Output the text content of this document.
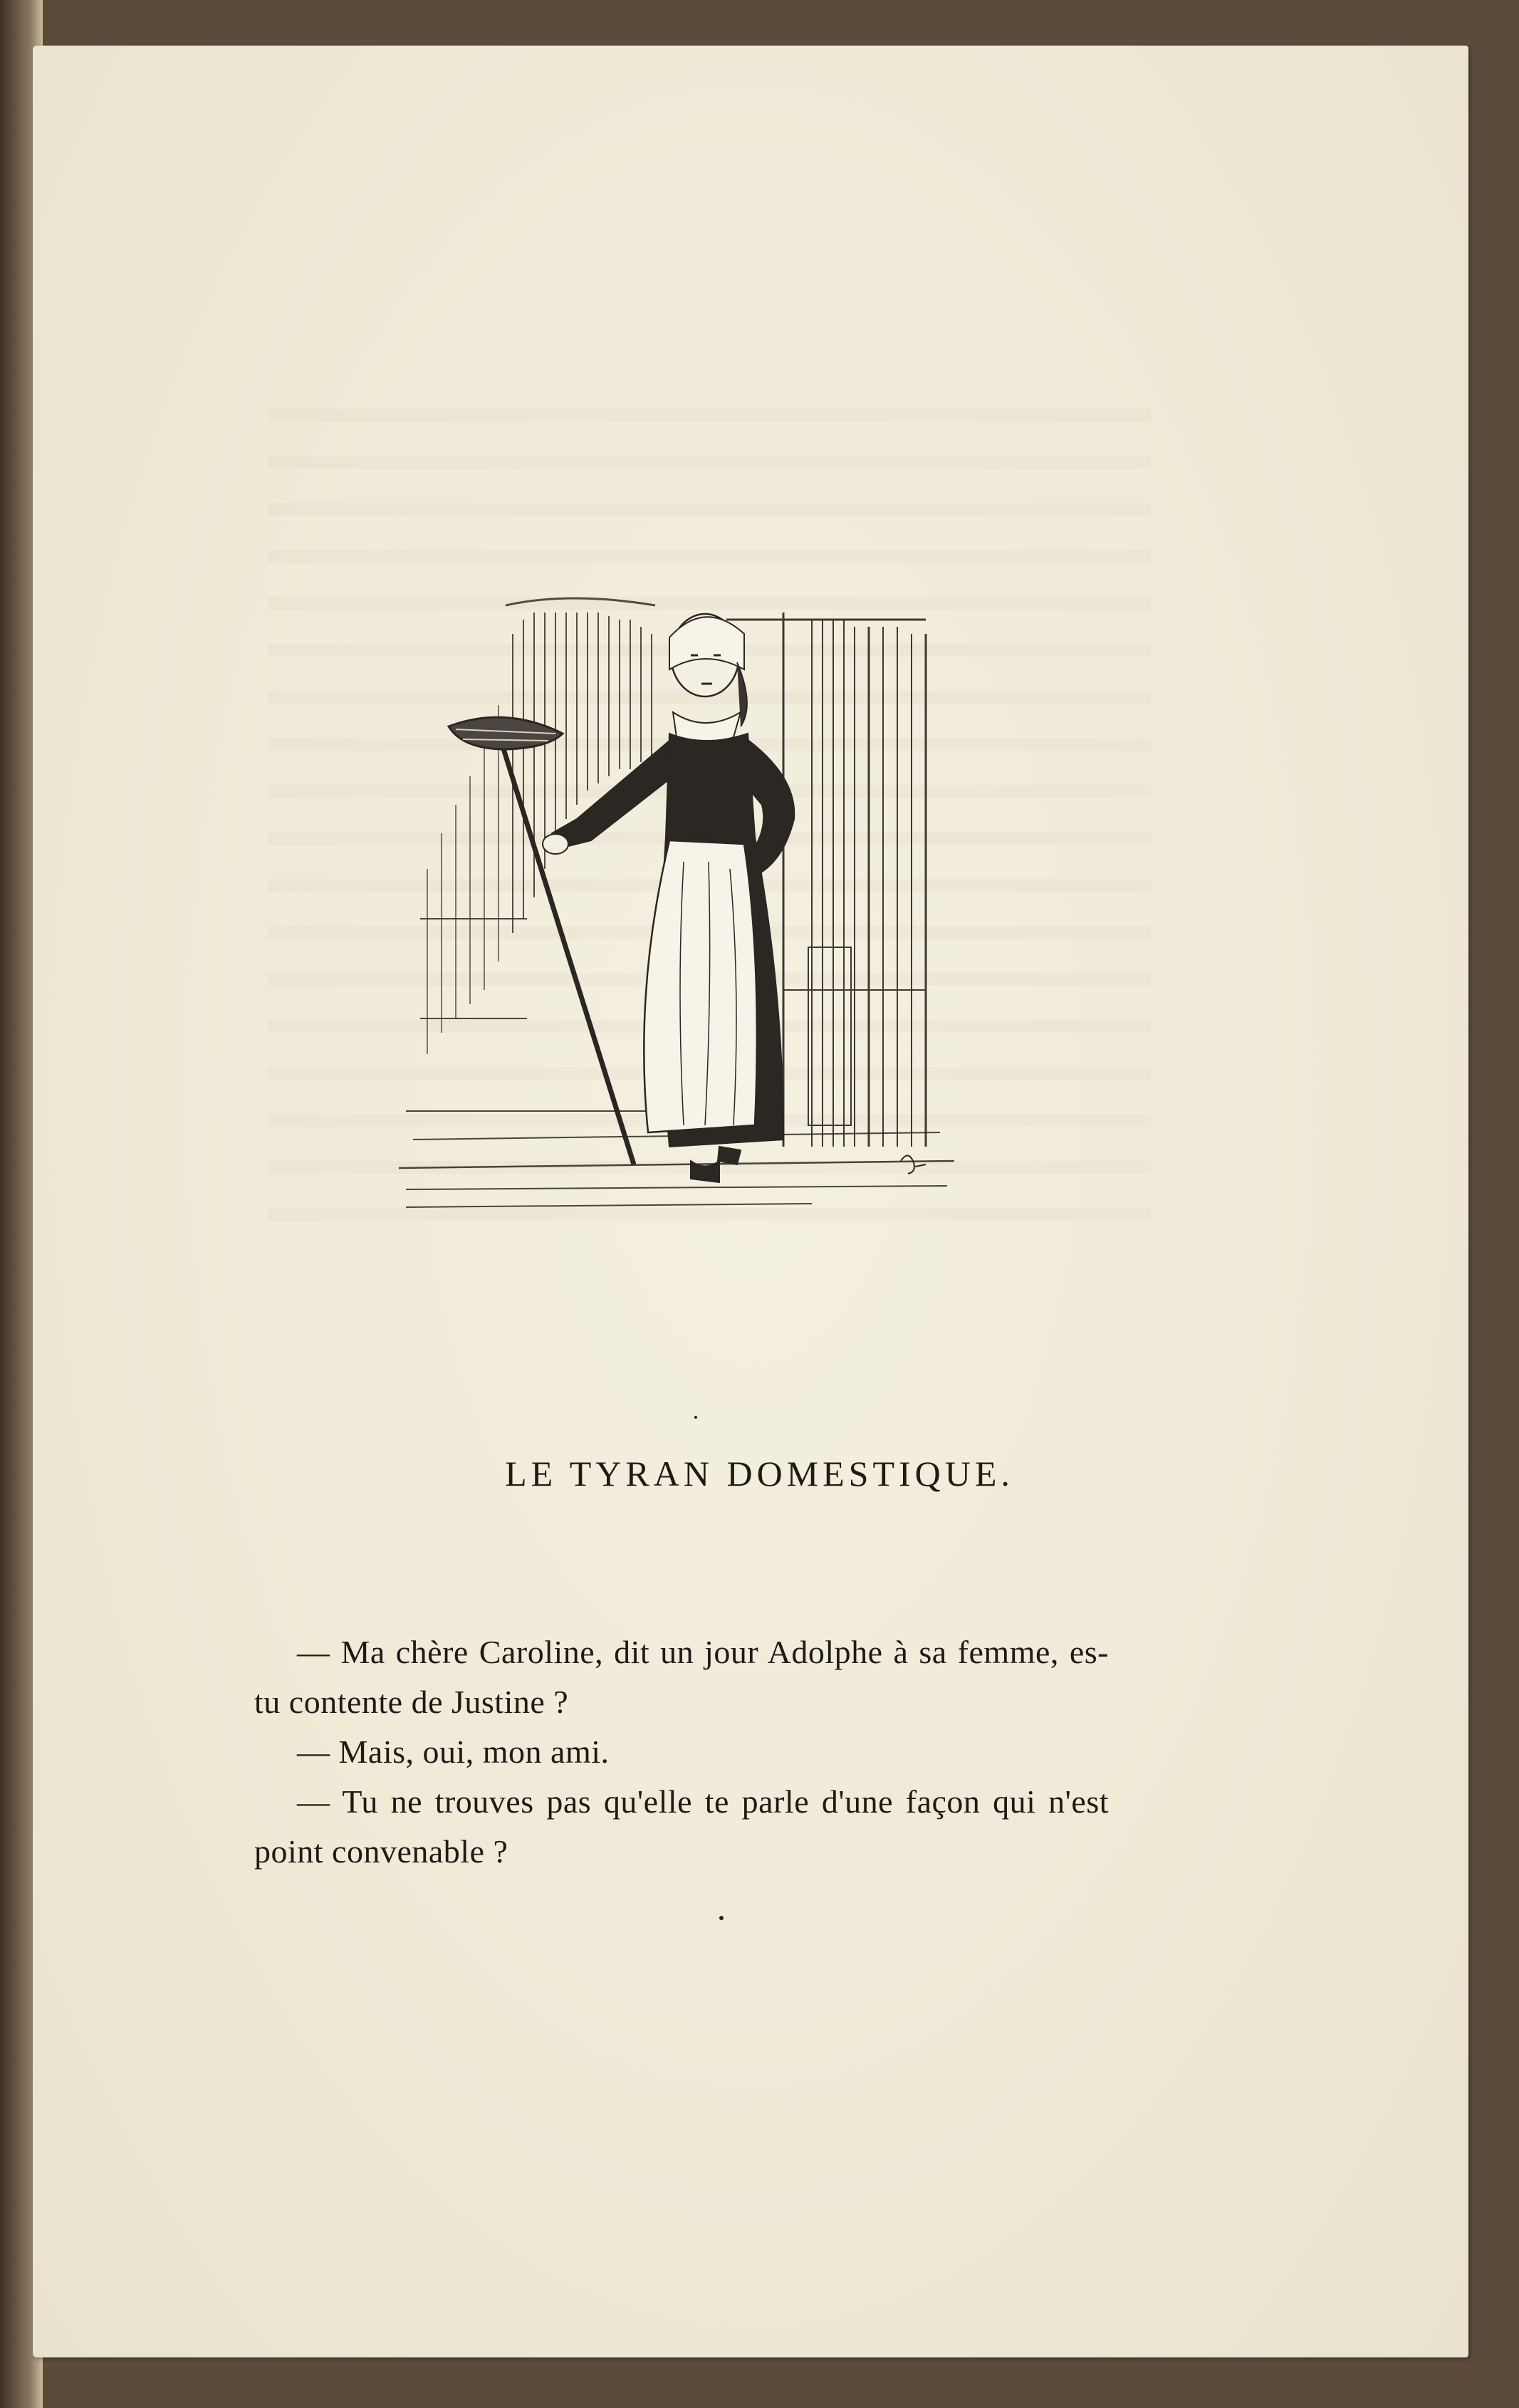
LE TYRAN DOMESTIQUE.

— Ma chère Caroline, dit un jour Adolphe à sa femme, es-tu contente de Justine ?

— Mais, oui, mon ami.

— Tu ne trouves pas qu'elle te parle d'une façon qui n'est point convenable ?
